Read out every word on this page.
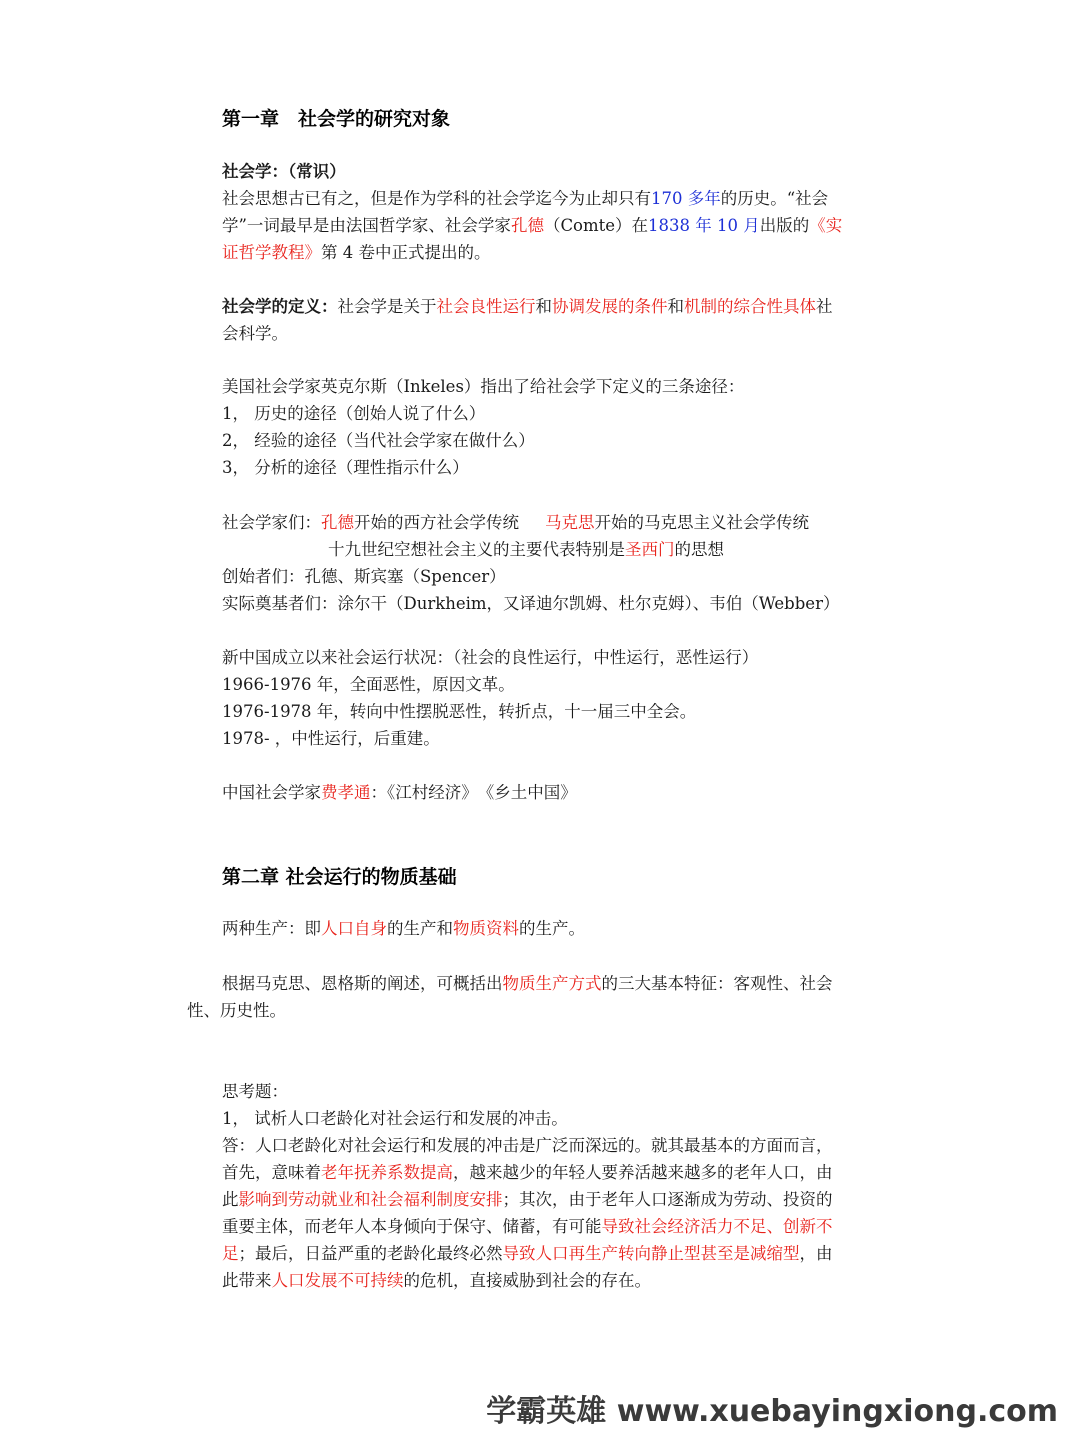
第一章　社会学的研究对象
社会学：（常识）
社会思想古已有之，但是作为学科的社会学迄今为止却只有170 多年的历史。“社会
学”一词最早是由法国哲学家、社会学家孔德（Comte）在1838 年 10 月出版的《实
证哲学教程》第 4 卷中正式提出的。
社会学的定义：社会学是关于社会良性运行和协调发展的条件和机制的综合性具体社
会科学。
美国社会学家英克尔斯（Inkeles）指出了给社会学下定义的三条途径：
1， 历史的途径（创始人说了什么）
2， 经验的途径（当代社会学家在做什么）
3， 分析的途径（理性指示什么）
社会学家们：孔德开始的西方社会学传统 马克思开始的马克思主义社会学传统
十九世纪空想社会主义的主要代表特别是圣西门的思想
创始者们：孔德、斯宾塞（Spencer）
实际奠基者们：涂尔干（Durkheim，又译迪尔凯姆、杜尔克姆）、韦伯（Webber）
新中国成立以来社会运行状况：（社会的良性运行，中性运行，恶性运行）
1966-1976 年，全面恶性，原因文革。
1976-1978 年，转向中性摆脱恶性，转折点，十一届三中全会。
1978- ，中性运行，后重建。
中国社会学家费孝通：《江村经济》　《乡土中国》
第二章 社会运行的物质基础
两种生产：即人口自身的生产和物质资料的生产。
根据马克思、恩格斯的阐述，可概括出物质生产方式的三大基本特征：客观性、社会
性、历史性。
思考题：
1， 试析人口老龄化对社会运行和发展的冲击。
答：人口老龄化对社会运行和发展的冲击是广泛而深远的。就其最基本的方面而言，
首先，意味着老年抚养系数提高，越来越少的年轻人要养活越来越多的老年人口，由
此影响到劳动就业和社会福利制度安排；其次，由于老年人口逐渐成为劳动、投资的
重要主体，而老年人本身倾向于保守、储蓄，有可能导致社会经济活力不足、创新不
足；最后，日益严重的老龄化最终必然导致人口再生产转向静止型甚至是减缩型，由
此带来人口发展不可持续的危机，直接威胁到社会的存在。
学霸英雄 www.xuebayingxiong.com
